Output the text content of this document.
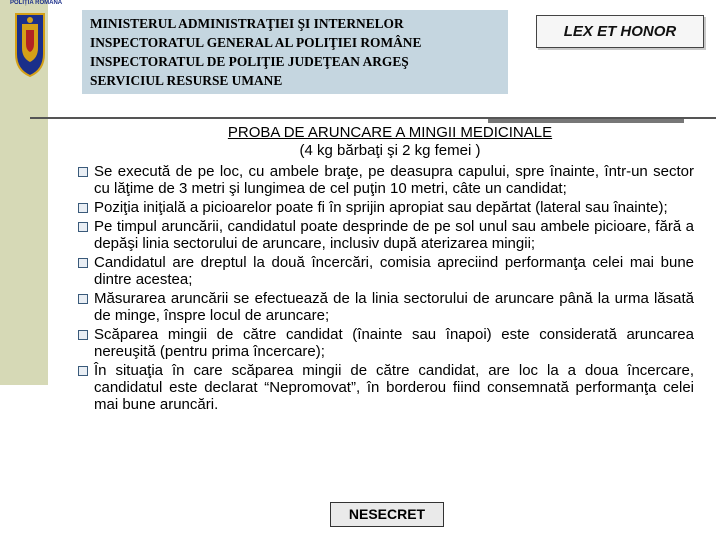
POLIȚIA ROMÂNĂ
MINISTERUL ADMINISTRAŢIEI ŞI INTERNELOR
INSPECTORATUL GENERAL AL POLIŢIEI ROMÂNE
INSPECTORATUL DE POLIŢIE JUDEŢEAN ARGEŞ
SERVICIUL RESURSE UMANE
LEX ET HONOR
PROBA DE ARUNCARE A MINGII MEDICINALE
(4 kg bărbaţi şi 2 kg femei )
Se execută de pe loc, cu ambele braţe, pe deasupra capului, spre înainte, într-un sector cu lăţime de 3 metri şi lungimea de cel puţin 10 metri, câte un candidat;
Poziţia iniţială a picioarelor poate fi în sprijin apropiat sau depărtat (lateral sau înainte);
Pe timpul aruncării, candidatul poate desprinde de pe sol unul sau ambele picioare, fără a depăşi linia sectorului de aruncare, inclusiv după aterizarea mingii;
Candidatul are dreptul la două încercări, comisia apreciind performanţa celei mai bune dintre acestea;
Măsurarea aruncării se efectuează de la linia sectorului de aruncare până la urma lăsată de minge, înspre locul de aruncare;
Scăparea mingii de către candidat (înainte sau înapoi) este considerată aruncarea nereuşită (pentru prima încercare);
În situaţia în care scăparea mingii de către candidat, are loc la a doua încercare, candidatul este declarat “Nepromovat”, în borderou fiind consemnată performanţa celei mai bune aruncări.
NESECRET
